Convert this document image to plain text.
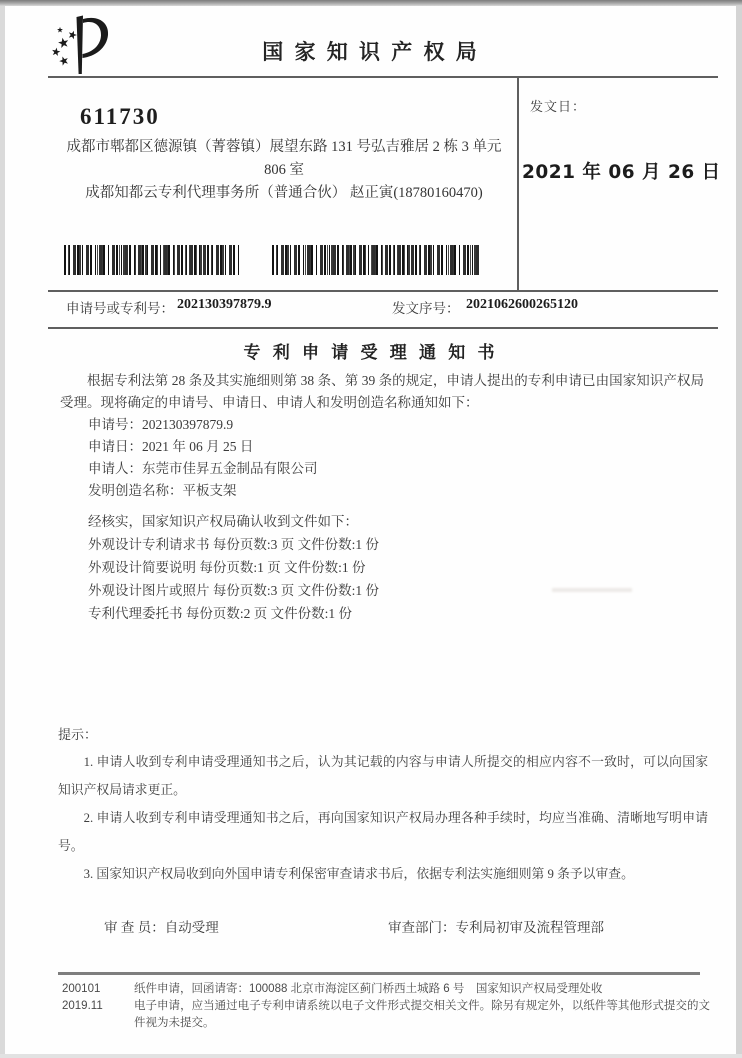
国 家 知 识 产 权 局
611730
成都市郫都区德源镇（菁蓉镇）展望东路 131 号弘吉雅居 2 栋 3 单元
806 室
成都知都云专利代理事务所（普通合伙） 赵正寅(18780160470)
发文日：
2021 年 06 月 26 日
申请号或专利号： 202130397879.9	发文序号： 2021062600265120
专 利 申 请 受 理 通 知 书
根据专利法第 28 条及其实施细则第 38 条、第 39 条的规定，申请人提出的专利申请已由国家知识产权局受理。现将确定的申请号、申请日、申请人和发明创造名称通知如下：

申请号：202130397879.9

申请日：2021 年 06 月 25 日

申请人：东莞市佳昇五金制品有限公司

发明创造名称：平板支架

经核实，国家知识产权局确认收到文件如下：

外观设计专利请求书 每份页数:3 页 文件份数:1 份

外观设计简要说明 每份页数:1 页 文件份数:1 份

外观设计图片或照片 每份页数:3 页 文件份数:1 份

专利代理委托书 每份页数:2 页 文件份数:1 份

提示：

1. 申请人收到专利申请受理通知书之后，认为其记载的内容与申请人所提交的相应内容不一致时，可以向国家知识产权局请求更正。

2. 申请人收到专利申请受理通知书之后，再向国家知识产权局办理各种手续时，均应当准确、清晰地写明申请号。

3. 国家知识产权局收到向外国申请专利保密审查请求书后，依据专利法实施细则第 9 条予以审查。

审 查 员：自动受理	审查部门：专利局初审及流程管理部
200101
2019.11

纸件申请，回函请寄：100088 北京市海淀区蓟门桥西土城路 6 号　国家知识产权局受理处收

电子申请，应当通过电子专利申请系统以电子文件形式提交相关文件。除另有规定外，以纸件等其他形式提交的文件视为未提交。
